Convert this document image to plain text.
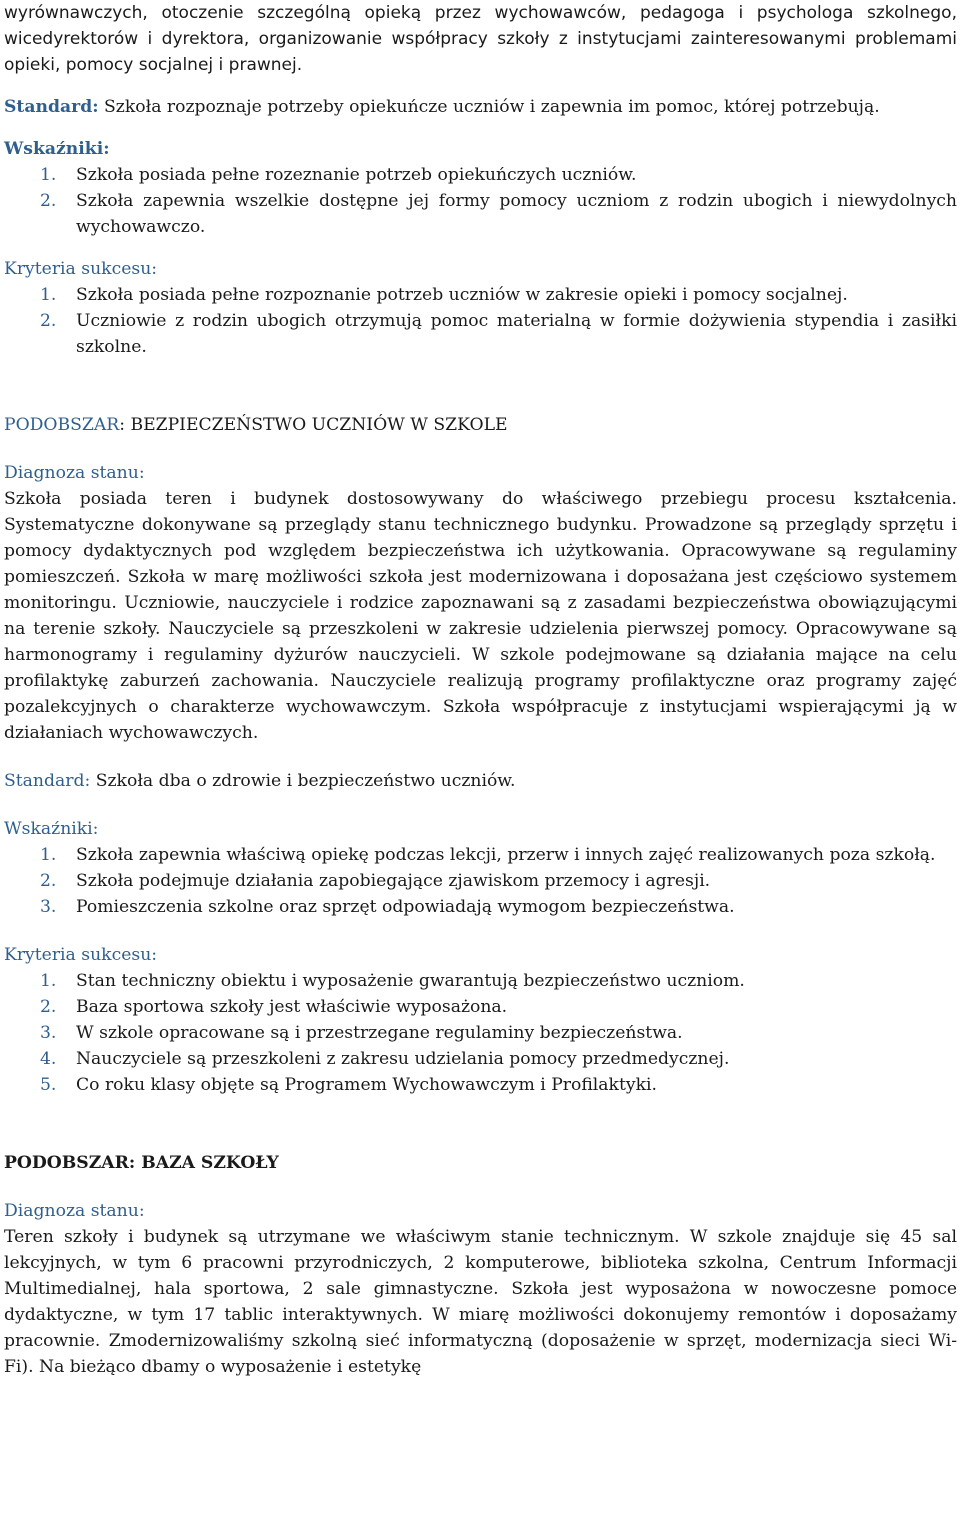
wyrównawczych, otoczenie szczególną opieką przez wychowawców, pedagoga i psychologa szkolnego, wicedyrektorów i dyrektora, organizowanie współpracy szkoły z instytucjami zainteresowanymi problemami opieki, pomocy socjalnej i prawnej.

Standard: Szkoła rozpoznaje potrzeby opiekuńcze uczniów i zapewnia im pomoc, której potrzebują.

Wskaźniki:
1. Szkoła posiada pełne rozeznanie potrzeb opiekuńczych uczniów.
2. Szkoła zapewnia wszelkie dostępne jej formy pomocy uczniom z rodzin ubogich i niewydolnych wychowawczo.
Kryteria sukcesu:
1. Szkoła posiada pełne rozpoznanie potrzeb uczniów w zakresie opieki i pomocy socjalnej.
2. Uczniowie z rodzin ubogich otrzymują pomoc materialną w formie dożywienia stypendia i zasiłki szkolne.
PODOBSZAR: BEZPIECZEŃSTWO UCZNIÓW W SZKOLE
Diagnoza stanu:

Szkoła posiada teren i budynek dostosowywany do właściwego przebiegu procesu kształcenia. Systematyczne dokonywane są przeglądy stanu technicznego budynku. Prowadzone są przeglądy sprzętu i pomocy dydaktycznych pod względem bezpieczeństwa ich użytkowania. Opracowywane są regulaminy pomieszczeń. Szkoła w marę możliwości szkoła jest modernizowana i doposażana jest częściowo systemem monitoringu. Uczniowie, nauczyciele i rodzice zapoznawani są z zasadami bezpieczeństwa obowiązującymi na terenie szkoły. Nauczyciele są przeszkoleni w zakresie udzielenia pierwszej pomocy. Opracowywane są harmonogramy i regulaminy dyżurów nauczycieli. W szkole podejmowane są działania mające na celu profilaktykę zaburzeń zachowania. Nauczyciele realizują programy profilaktyczne oraz programy zajęć pozalekcyjnych o charakterze wychowawczym. Szkoła współpracuje z instytucjami wspierającymi ją w działaniach wychowawczych.

Standard: Szkoła dba o zdrowie i bezpieczeństwo uczniów.

Wskaźniki:
1. Szkoła zapewnia właściwą opiekę podczas lekcji, przerw i innych zajęć realizowanych poza szkołą.
2. Szkoła podejmuje działania zapobiegające zjawiskom przemocy i agresji.
3. Pomieszczenia szkolne oraz sprzęt odpowiadają wymogom bezpieczeństwa.
Kryteria sukcesu:
1. Stan techniczny obiektu i wyposażenie gwarantują bezpieczeństwo uczniom.
2. Baza sportowa szkoły jest właściwie wyposażona.
3. W szkole opracowane są i przestrzegane regulaminy bezpieczeństwa.
4. Nauczyciele są przeszkoleni z zakresu udzielania pomocy przedmedycznej.
5. Co roku klasy objęte są Programem Wychowawczym i Profilaktyki.
PODOBSZAR: BAZA SZKOŁY
Diagnoza stanu:

Teren szkoły i budynek są utrzymane we właściwym stanie technicznym. W szkole znajduje się 45 sal lekcyjnych, w tym 6 pracowni przyrodniczych, 2 komputerowe, biblioteka szkolna, Centrum Informacji Multimedialnej, hala sportowa, 2 sale gimnastyczne. Szkoła jest wyposażona w nowoczesne pomoce dydaktyczne, w tym 17 tablic interaktywnych. W miarę możliwości dokonujemy remontów i doposażamy pracownie. Zmodernizowaliśmy szkolną sieć informatyczną (doposażenie w sprzęt, modernizacja sieci Wi-Fi). Na bieżąco dbamy o wyposażenie i estetykę
